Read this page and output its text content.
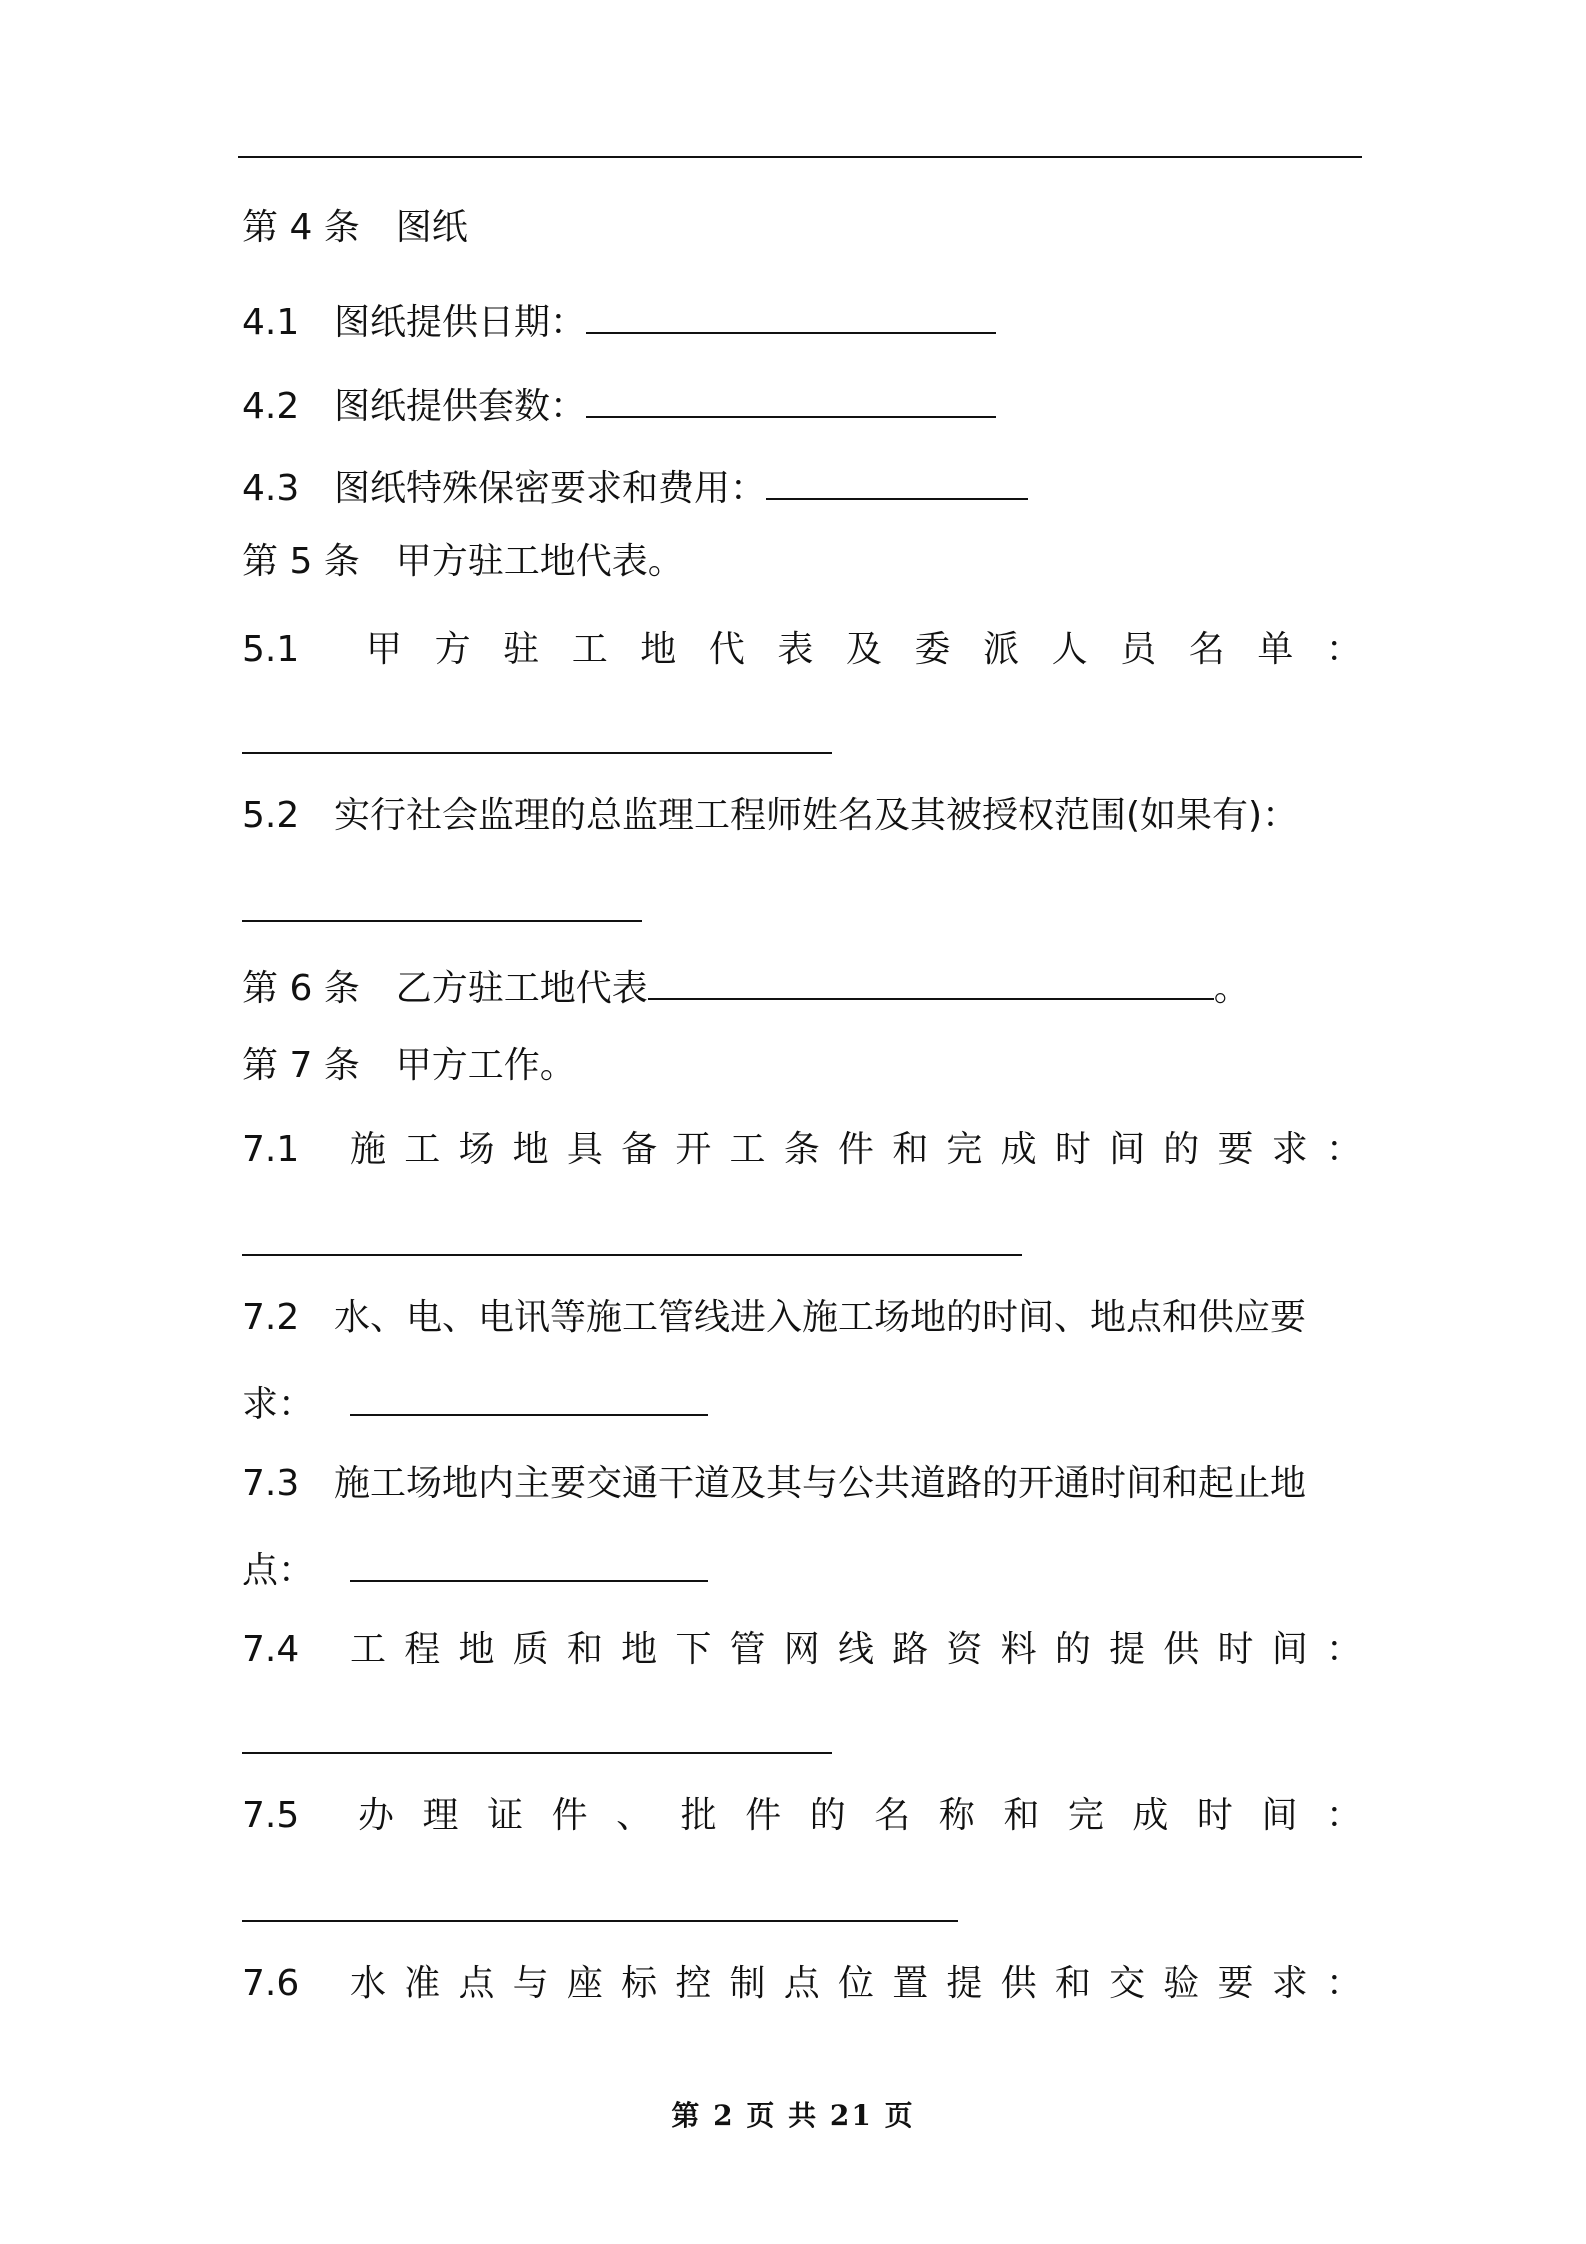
第 4 条　图纸

4.1 图纸提供日期：

4.2 图纸提供套数：

4.3 图纸特殊保密要求和费用：

第 5 条　甲方驻工地代表。

5.1	甲 方 驻 工 地 代 表 及 委 派 人 员 名 单 ：

5.2 实行社会监理的总监理工程师姓名及其被授权范围(如果有)：

第 6 条　乙方驻工地代表	。

第 7 条　甲方工作。

7.1	施 工 场 地 具 备 开 工 条 件 和 完 成 时 间 的 要 求 ：

7.2 水、电、电讯等施工管线进入施工场地的时间、地点和供应要

求：

7.3 施工场地内主要交通干道及其与公共道路的开通时间和起止地

点：

7.4	工 程 地 质 和 地 下 管 网 线 路 资 料 的 提 供 时 间 ：

7.5	办 理 证 件 、 批 件 的 名 称 和 完 成 时 间 ：

7.6	水 准 点 与 座 标 控 制 点 位 置 提 供 和 交 验 要 求 ：
第 2 页 共 21 页
